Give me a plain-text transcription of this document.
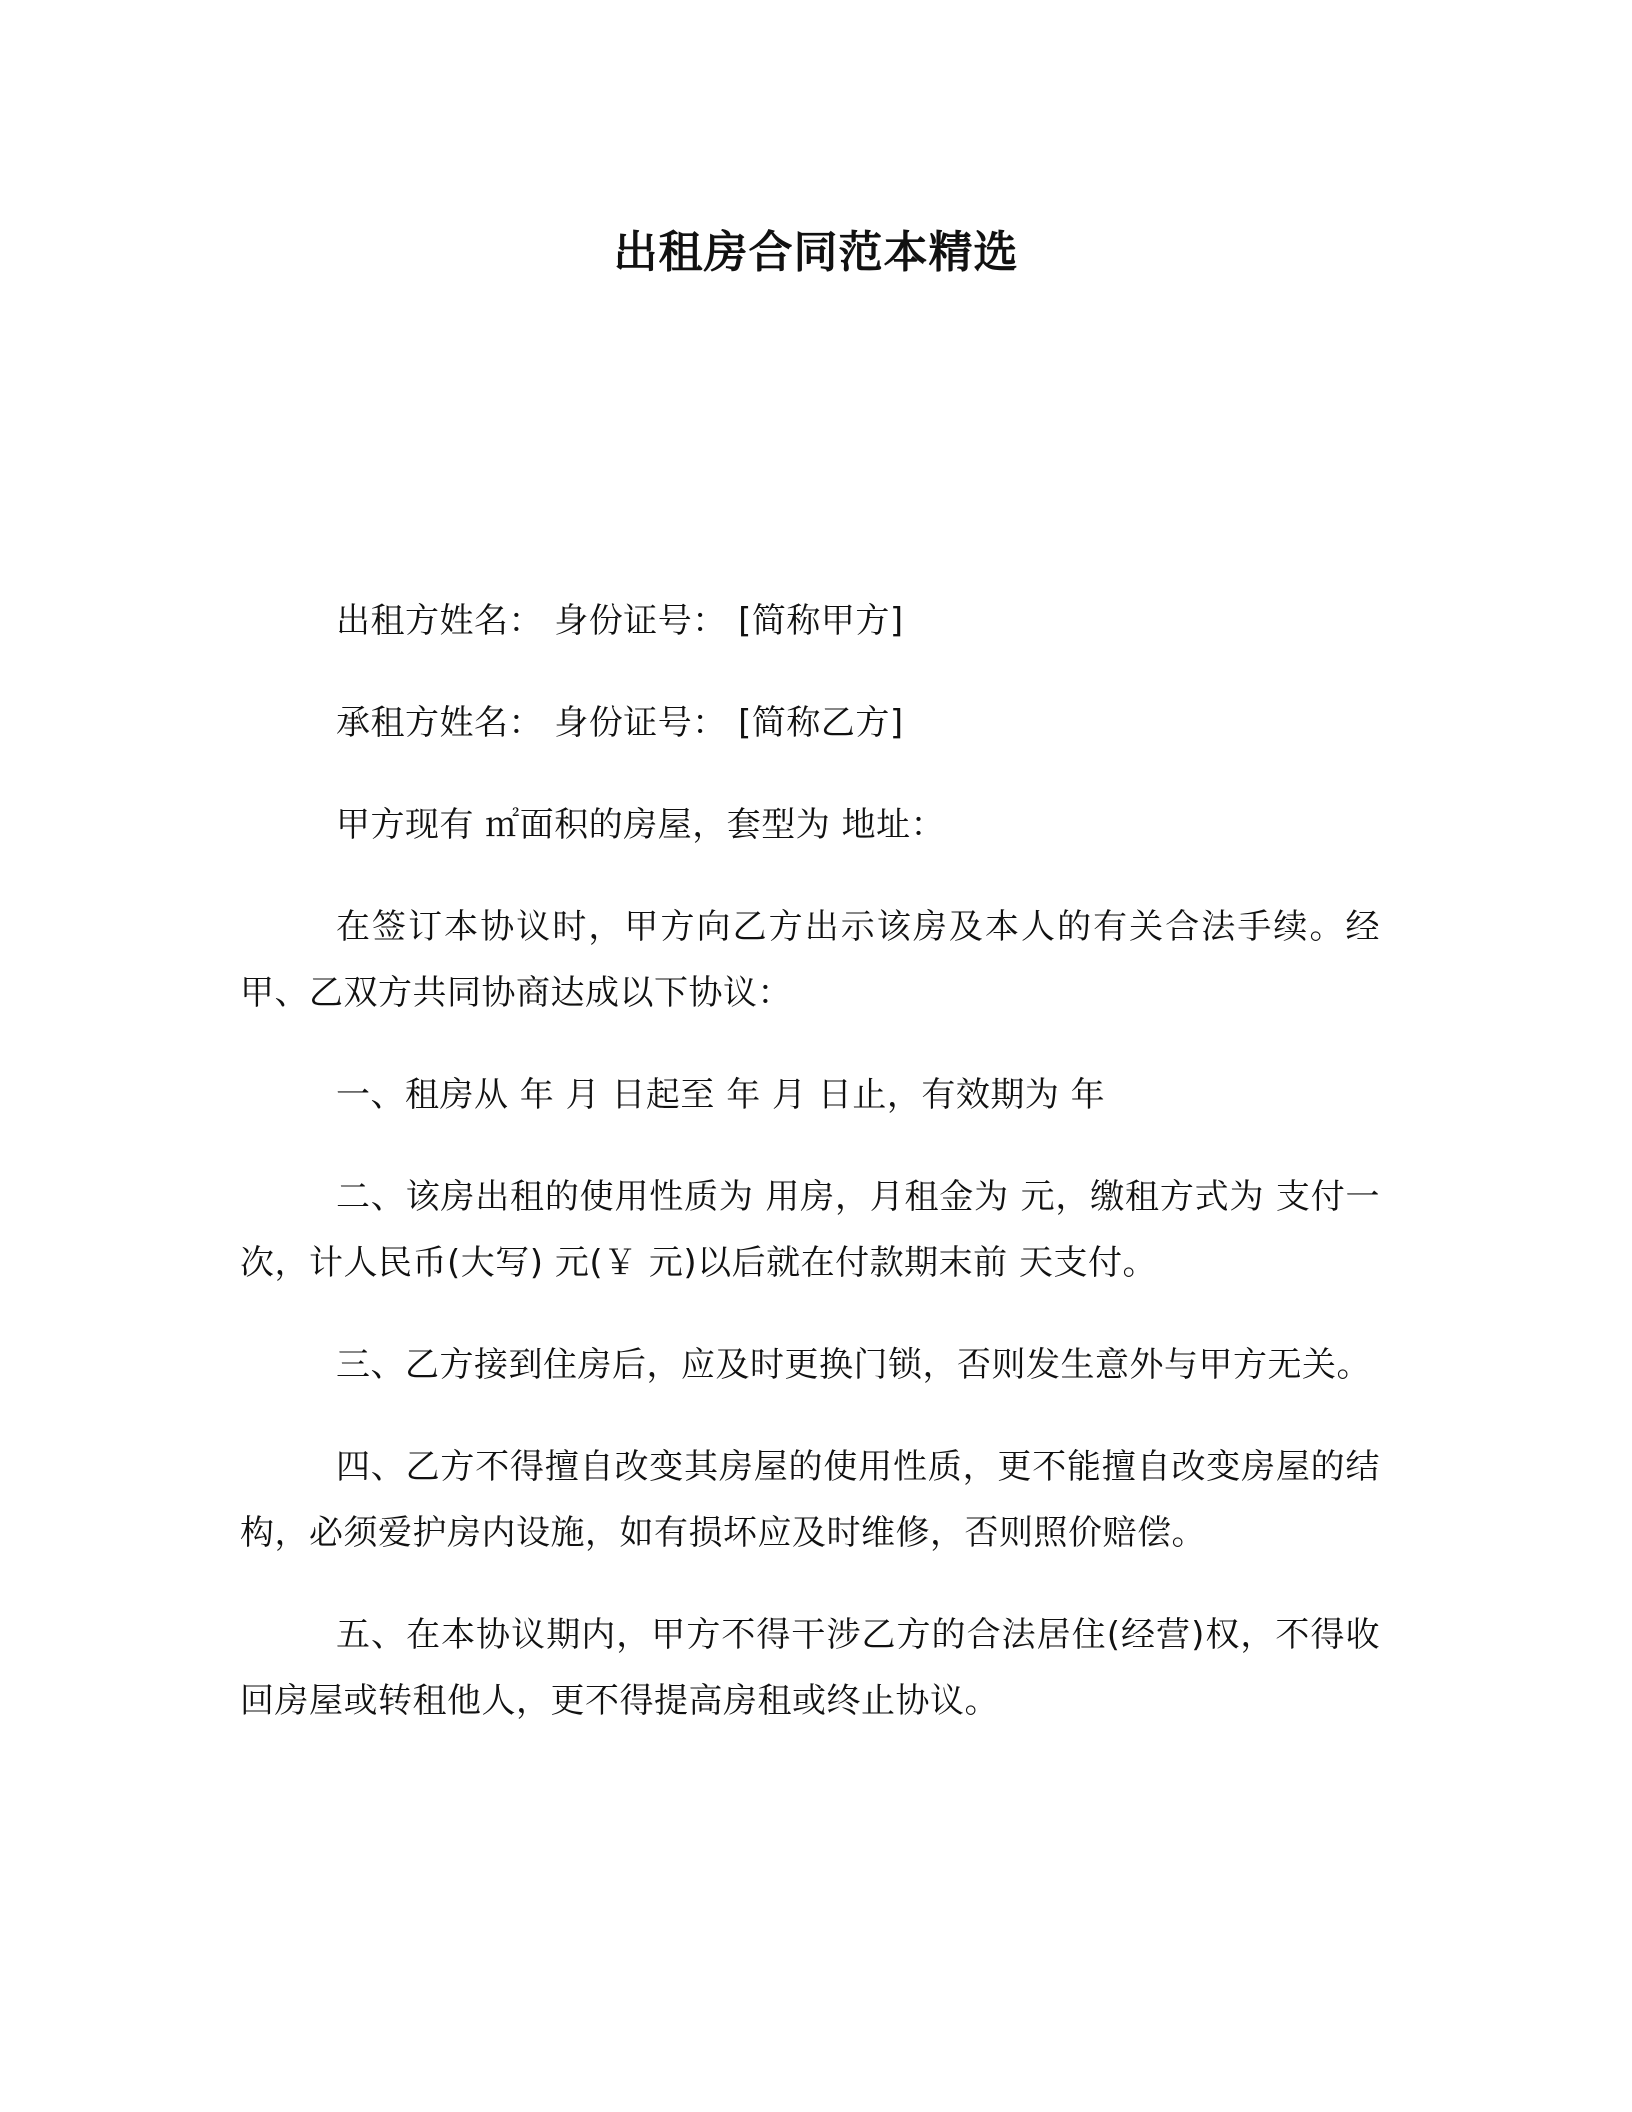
出租房合同范本精选

出租方姓名： 身份证号： [简称甲方]

承租方姓名： 身份证号： [简称乙方]

甲方现有 ㎡面积的房屋，套型为 地址：

在签订本协议时，甲方向乙方出示该房及本人的有关合法手续。经甲、乙双方共同协商达成以下协议：

一、租房从 年 月 日起至 年 月 日止，有效期为 年

二、该房出租的使用性质为 用房，月租金为 元，缴租方式为 支付一次，计人民币(大写) 元(￥ 元)以后就在付款期末前 天支付。

三、乙方接到住房后，应及时更换门锁，否则发生意外与甲方无关。

四、乙方不得擅自改变其房屋的使用性质，更不能擅自改变房屋的结构，必须爱护房内设施，如有损坏应及时维修，否则照价赔偿。

五、在本协议期内，甲方不得干涉乙方的合法居住(经营)权，不得收回房屋或转租他人，更不得提高房租或终止协议。
